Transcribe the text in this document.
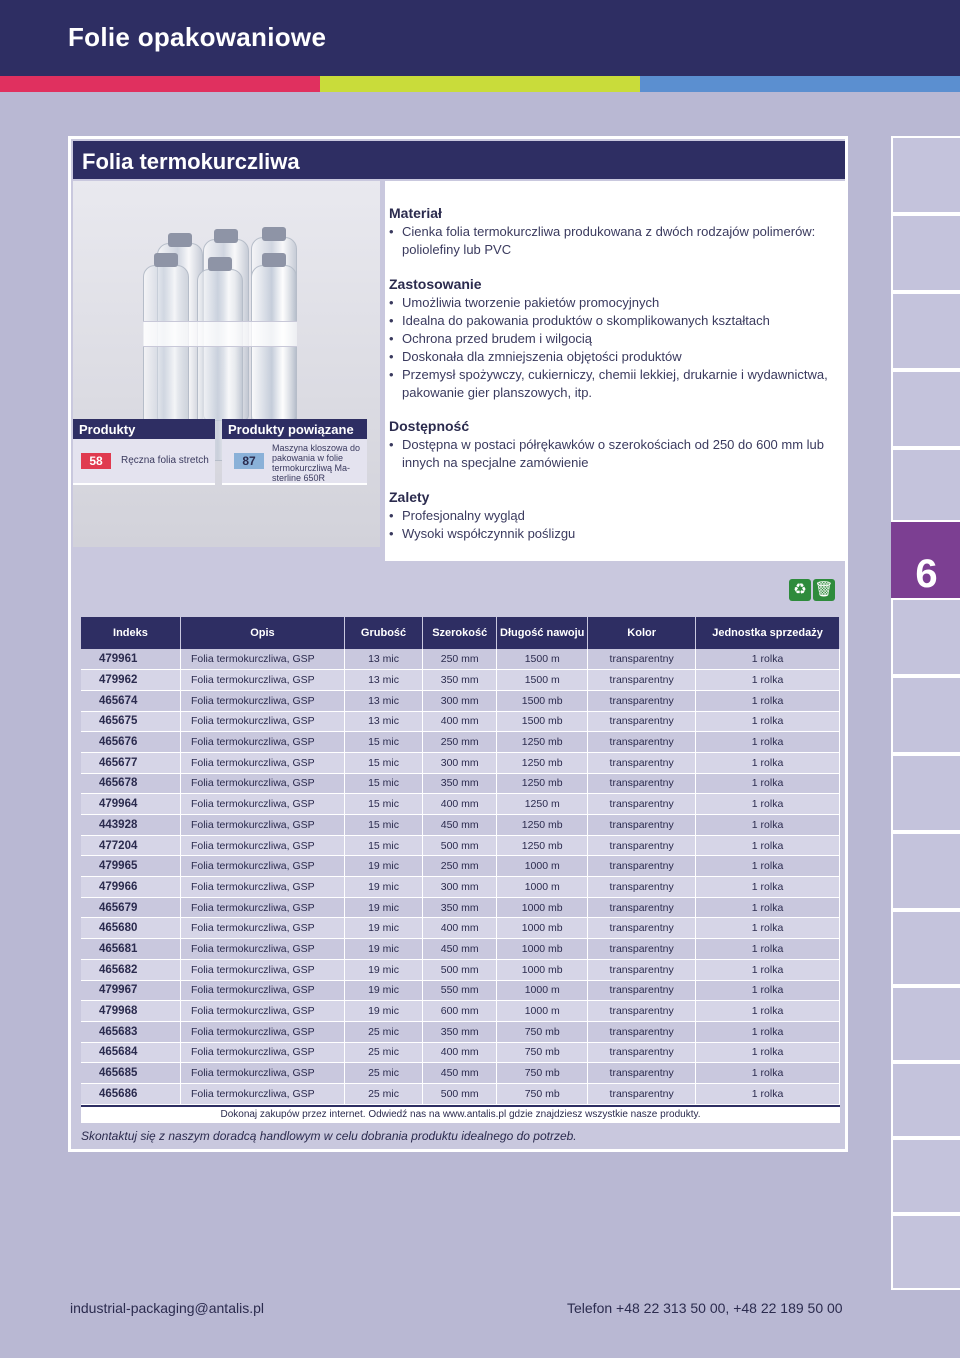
Folie opakowaniowe
6
Folia termokurczliwa
Materiał
• Cienka folia termokurczliwa produkowana z dwóch rodzajów polimerów: poliolefiny lub PVC
Zastosowanie
• Umożliwia tworzenie pakietów promocyjnych
• Idealna do pakowania produktów o skomplikowanych kształtach
• Ochrona przed brudem i wilgocią
• Doskonała dla zmniejszenia objętości produktów
• Przemysł spożywczy, cukierniczy, chemii lekkiej, drukarnie i wydawnictwa, pakowanie gier planszowych, itp.
Dostępność
• Dostępna w postaci półrękawków o szerokościach od 250 do 600 mm lub innych na specjalne zamówienie
Zalety
• Profesjonalny wygląd
• Wysoki współczynnik poślizgu
Produkty
58	Ręczna folia stretch
Produkty powiązane
87
Maszyna kloszowa do pakowania w folie termokurczliwą Ma-sterline 650R
♻ 🗑
Indeks	Opis	Grubość	Szerokość	Długość nawoju	Kolor	Jednostka sprzedaży
479961	Folia termokurczliwa, GSP	13 mic	250 mm	1500 m	transparentny	1 rolka
479962	Folia termokurczliwa, GSP	13 mic	350 mm	1500 m	transparentny	1 rolka
465674	Folia termokurczliwa, GSP	13 mic	300 mm	1500 mb	transparentny	1 rolka
465675	Folia termokurczliwa, GSP	13 mic	400 mm	1500 mb	transparentny	1 rolka
465676	Folia termokurczliwa, GSP	15 mic	250 mm	1250 mb	transparentny	1 rolka
465677	Folia termokurczliwa, GSP	15 mic	300 mm	1250 mb	transparentny	1 rolka
465678	Folia termokurczliwa, GSP	15 mic	350 mm	1250 mb	transparentny	1 rolka
479964	Folia termokurczliwa, GSP	15 mic	400 mm	1250 m	transparentny	1 rolka
443928	Folia termokurczliwa, GSP	15 mic	450 mm	1250 mb	transparentny	1 rolka
477204	Folia termokurczliwa, GSP	15 mic	500 mm	1250 mb	transparentny	1 rolka
479965	Folia termokurczliwa, GSP	19 mic	250 mm	1000 m	transparentny	1 rolka
479966	Folia termokurczliwa, GSP	19 mic	300 mm	1000 m	transparentny	1 rolka
465679	Folia termokurczliwa, GSP	19 mic	350 mm	1000 mb	transparentny	1 rolka
465680	Folia termokurczliwa, GSP	19 mic	400 mm	1000 mb	transparentny	1 rolka
465681	Folia termokurczliwa, GSP	19 mic	450 mm	1000 mb	transparentny	1 rolka
465682	Folia termokurczliwa, GSP	19 mic	500 mm	1000 mb	transparentny	1 rolka
479967	Folia termokurczliwa, GSP	19 mic	550 mm	1000 m	transparentny	1 rolka
479968	Folia termokurczliwa, GSP	19 mic	600 mm	1000 m	transparentny	1 rolka
465683	Folia termokurczliwa, GSP	25 mic	350 mm	750 mb	transparentny	1 rolka
465684	Folia termokurczliwa, GSP	25 mic	400 mm	750 mb	transparentny	1 rolka
465685	Folia termokurczliwa, GSP	25 mic	450 mm	750 mb	transparentny	1 rolka
465686	Folia termokurczliwa, GSP	25 mic	500 mm	750 mb	transparentny	1 rolka
Dokonaj zakupów przez internet. Odwiedź nas na www.antalis.pl gdzie znajdziesz wszystkie nasze produkty.
Skontaktuj się z naszym doradcą handlowym w celu dobrania produktu idealnego do potrzeb.
industrial-packaging@antalis.pl	Telefon +48 22 313 50 00, +48 22 189 50 00
